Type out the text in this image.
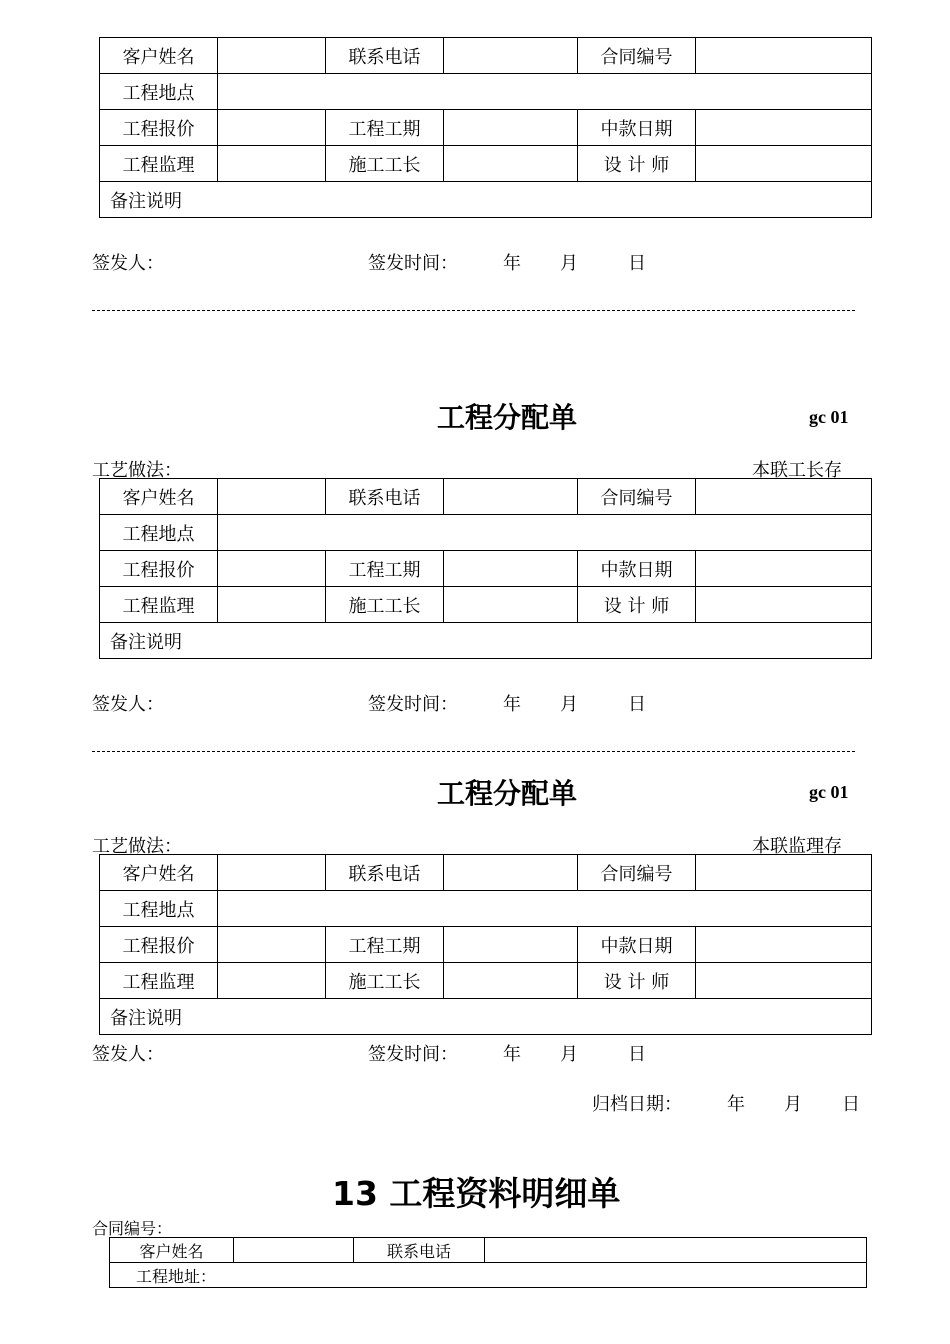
客户姓名		联系电话		合同编号	
工程地点					
工程报价		工程工期		中款日期	
工程监理		施工工长		设 计 师	
备注说明					
签发人：	签发时间：	年 月	日
工程分配单	gc 01
工艺做法：	本联工长存
客户姓名		联系电话		合同编号	
工程地点					
工程报价		工程工期		中款日期	
工程监理		施工工长		设 计 师	
备注说明					
签发人：	签发时间：	年 月	日
工程分配单	gc 01
工艺做法：	本联监理存
客户姓名		联系电话		合同编号	
工程地点					
工程报价		工程工期		中款日期	
工程监理		施工工长		设 计 师	
备注说明					
签发人：	签发时间：	年 月	日
归档日期：	年 月 日
13 工程资料明细单
合同编号：
客户姓名		联系电话	
工程地址：
